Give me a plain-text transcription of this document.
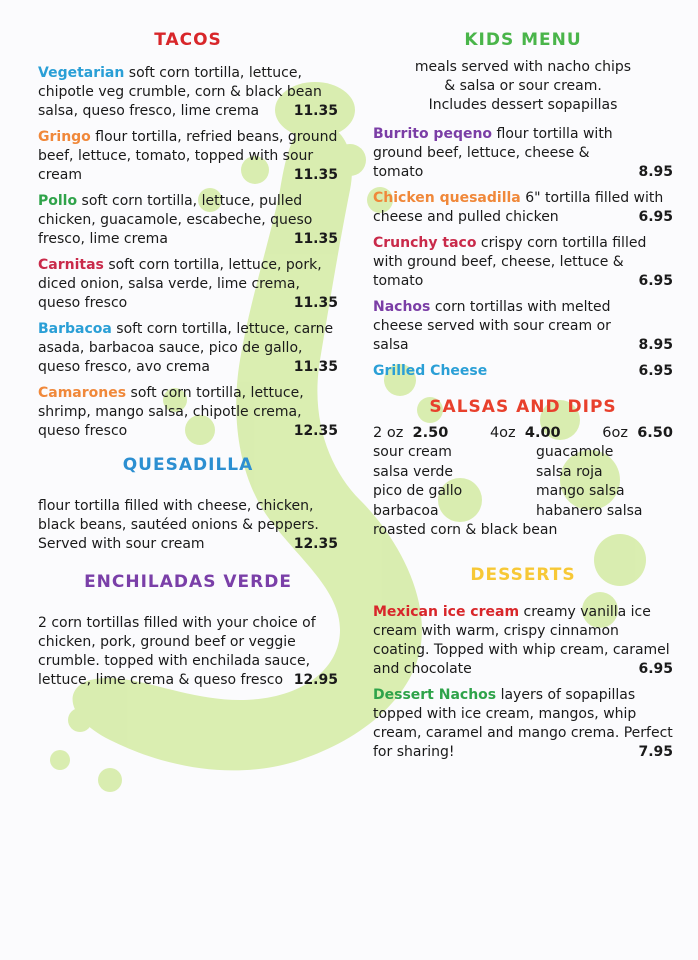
TACOS
Vegetarian soft corn tortilla, lettuce, chipotle veg crumble, corn & black bean salsa, queso fresco, lime crema 11.35
Gringo flour tortilla, refried beans, ground beef, lettuce, tomato, topped with sour cream	11.35
Pollo soft corn tortilla, lettuce, pulled chicken, guacamole, escabeche, queso fresco, lime crema	11.35
Carnitas soft corn tortilla, lettuce, pork, diced onion, salsa verde, lime crema, queso fresco	11.35
Barbacoa soft corn tortilla, lettuce, carne asada, barbacoa sauce, pico de gallo, queso fresco, avo crema	11.35
Camarones soft corn tortilla, lettuce, shrimp, mango salsa, chipotle crema, queso fresco	12.35
QUESADILLA
flour tortilla filled with cheese, chicken, black beans, sautéed onions & peppers. Served with sour cream	12.35
ENCHILADAS VERDE
2 corn tortillas filled with your choice of chicken, pork, ground beef or veggie crumble. topped with enchilada sauce, lettuce, lime crema & queso fresco 12.95
KIDS MENU
meals served with nacho chips
& salsa or sour cream.
Includes dessert sopapillas
Burrito peqeno flour tortilla with ground beef, lettuce, cheese & tomato	8.95
Chicken quesadilla 6" tortilla filled with cheese and pulled chicken	6.95
Crunchy taco crispy corn tortilla filled with ground beef, cheese, lettuce & tomato	6.95
Nachos corn tortillas with melted cheese served with sour cream or salsa	8.95
Grilled Cheese	6.95
SALSAS AND DIPS
2 oz 2.50	4oz 4.00	6oz 6.50
sour cream	guacamole
salsa verde	salsa roja
pico de gallo	mango salsa
barbacoa	habanero salsa
roasted corn & black bean
DESSERTS
Mexican ice cream creamy vanilla ice cream with warm, crispy cinnamon coating. Topped with whip cream, caramel and chocolate	6.95
Dessert Nachos layers of sopapillas topped with ice cream, mangos, whip cream, caramel and mango crema. Perfect for sharing!	7.95
